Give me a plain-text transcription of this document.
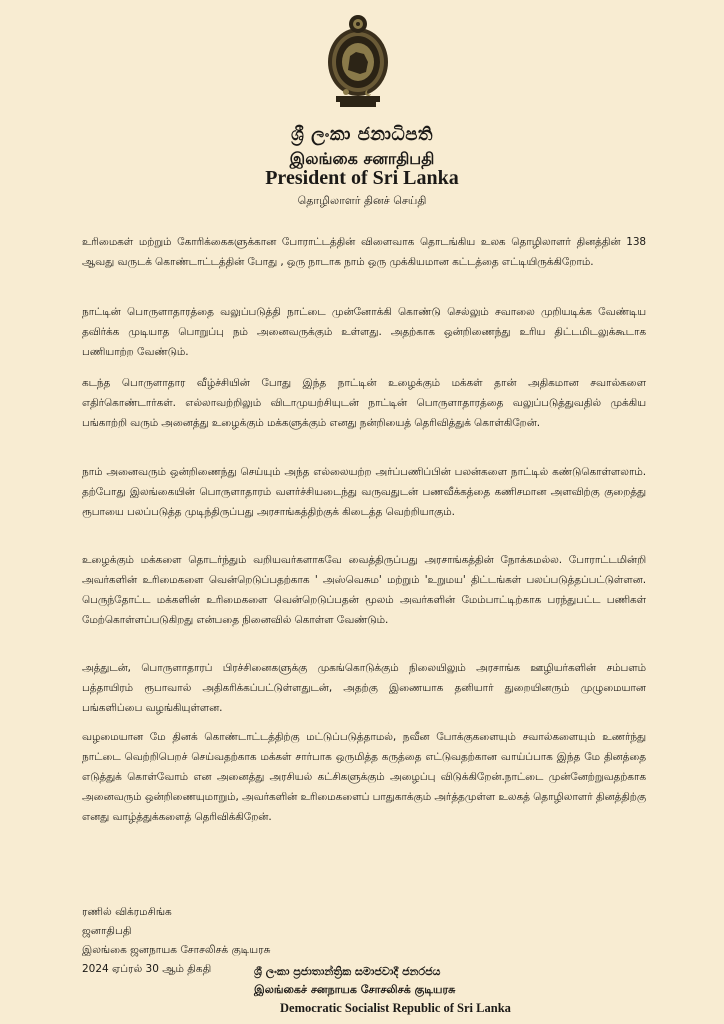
ශ්‍රී ලංකා ජනාධිපති
இலங்கை சனாதிபதி
President of Sri Lanka
தொழிலாளர் தினச் செய்தி

உரிமைகள் மற்றும் கோரிக்கைகளுக்கான போராட்டத்தின் விளைவாக தொடங்கிய உலக தொழிலாளர் தினத்தின் 138 ஆவது வருடக் கொண்டாட்டத்தின் போது , ஒரு நாடாக நாம் ஒரு முக்கியமான கட்டத்தை எட்டியிருக்கிறோம்.

நாட்டின் பொருளாதாரத்தை வலுப்படுத்தி நாட்டை முன்னோக்கி கொண்டு செல்லும் சவாலை முறியடிக்க வேண்டிய தவிர்க்க முடியாத பொறுப்பு நம் அனைவருக்கும் உள்ளது. அதற்காக ஒன்றிணைந்து உரிய திட்டமிடலுக்கூடாக பணியாற்ற வேண்டும்.

கடந்த பொருளாதார வீழ்ச்சியின் போது இந்த நாட்டின் உழைக்கும் மக்கள் தான் அதிகமான சவால்களை எதிர்கொண்டார்கள். எல்லாவற்றிலும் விடாமுயற்சியுடன் நாட்டின் பொருளாதாரத்தை வலுப்படுத்துவதில் முக்கிய பங்காற்றி வரும் அனைத்து உழைக்கும் மக்களுக்கும் எனது நன்றியைத் தெரிவித்துக் கொள்கிறேன்.

நாம் அனைவரும் ஒன்றிணைந்து செய்யும் அந்த எல்லையற்ற அர்ப்பணிப்பின் பலன்களை நாட்டில் கண்டுகொள்ளலாம். தற்போது இலங்கையின் பொருளாதாரம் வளர்ச்சியடைந்து வருவதுடன் பணவீக்கத்தை கணிசமான அளவிற்கு குறைத்து ரூபாயை பலப்படுத்த முடிந்திருப்பது அரசாங்கத்திற்குக் கிடைத்த வெற்றியாகும்.

உழைக்கும் மக்களை தொடர்ந்தும் வறியவர்களாகவே வைத்திருப்பது அரசாங்கத்தின் நோக்கமல்ல. போராட்டமின்றி அவர்களின் உரிமைகளை வென்றெடுப்பதற்காக ' அஸ்வெசும' மற்றும் 'உறுமய' திட்டங்கள் பலப்படுத்தப்பட்டுள்ளன. பெருந்தோட்ட மக்களின் உரிமைகளை வென்றெடுப்பதன் மூலம் அவர்களின் மேம்பாட்டிற்காக பரந்துபட்ட பணிகள் மேற்கொள்ளப்படுகிறது என்பதை நினைவில் கொள்ள வேண்டும்.

அத்துடன், பொருளாதாரப் பிரச்சினைகளுக்கு முகங்கொடுக்கும் நிலையிலும் அரசாங்க ஊழியர்களின் சம்பளம் பத்தாயிரம் ரூபாவால் அதிகரிக்கப்பட்டுள்ளதுடன், அதற்கு இணையாக தனியார் துறையினரும் முழுமையான பங்களிப்பை வழங்கியுள்ளன.

வழமையான மே தினக் கொண்டாட்டத்திற்கு மட்டுப்படுத்தாமல், நவீன போக்குகளையும் சவால்களையும் உணர்ந்து நாட்டை வெற்றிபெறச் செய்வதற்காக மக்கள் சார்பாக ஒருமித்த கருத்தை எட்டுவதற்கான வாய்ப்பாக இந்த மே தினத்தை எடுத்துக் கொள்வோம் என அனைத்து அரசியல் கட்சிகளுக்கும் அழைப்பு விடுக்கிறேன்.நாட்டை முன்னேற்றுவதற்காக அனைவரும் ஒன்றிணையுமாறும், அவர்களின் உரிமைகளைப் பாதுகாக்கும் அர்த்தமுள்ள உலகத் தொழிலாளர் தினத்திற்கு எனது வாழ்த்துக்களைத் தெரிவிக்கிறேன்.

ரணில் விக்ரமசிங்க
ஜனாதிபதி
இலங்கை ஜனநாயக சோசலிசக் குடியரசு
2024 ஏப்ரல் 30 ஆம் திகதி	ශ්‍රී ලංකා ප්‍රජාතාන්ත්‍රික සමාජවාදී ජනරජය
இலங்கைச் சனநாயக சோசலிசக் குடியரசு
Democratic Socialist Republic of Sri Lanka
